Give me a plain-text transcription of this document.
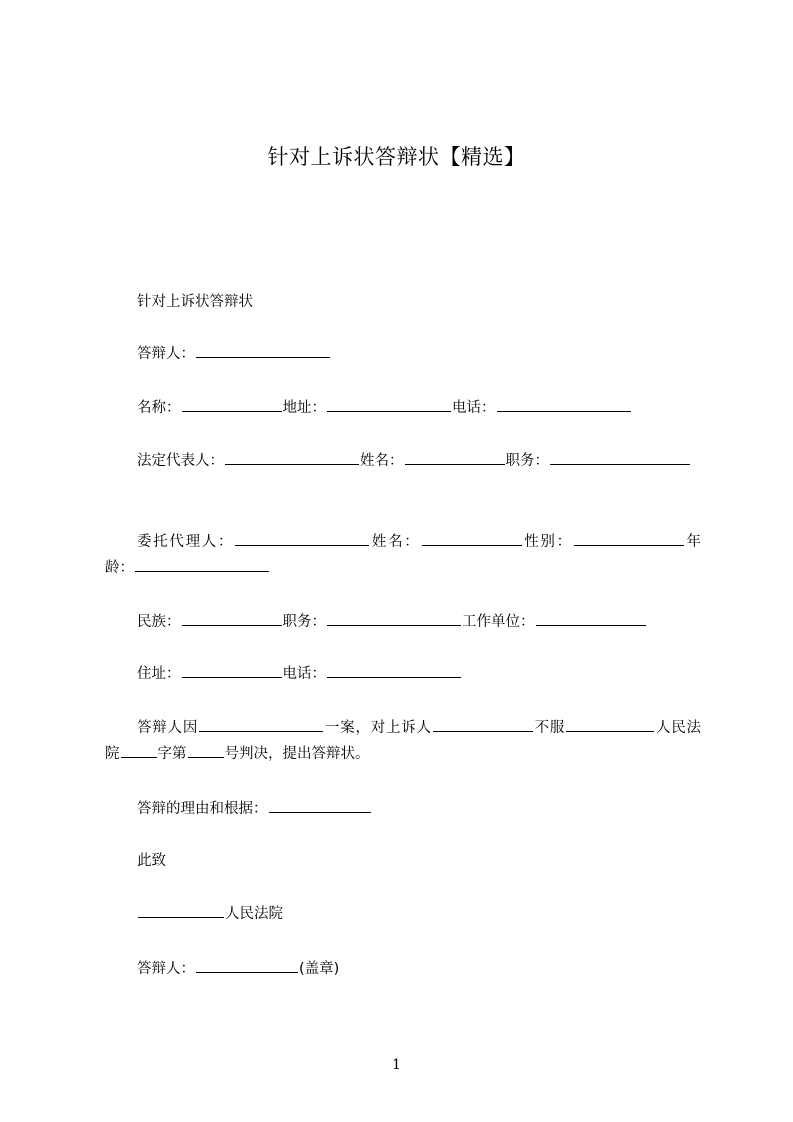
针对上诉状答辩状【精选】
针对上诉状答辩状
答辩人：
名称：	地址：	电话：
法定代表人：	姓名：	职务：
委托代理人：	姓名：	性别：	年龄：
民族：	职务：	工作单位：
住址：	电话：
答辩人因	一案，对上诉人	不服	人民法院	字第	号判决，提出答辩状。
答辩的理由和根据：
此致
人民法院
答辩人：	(盖章)
1
